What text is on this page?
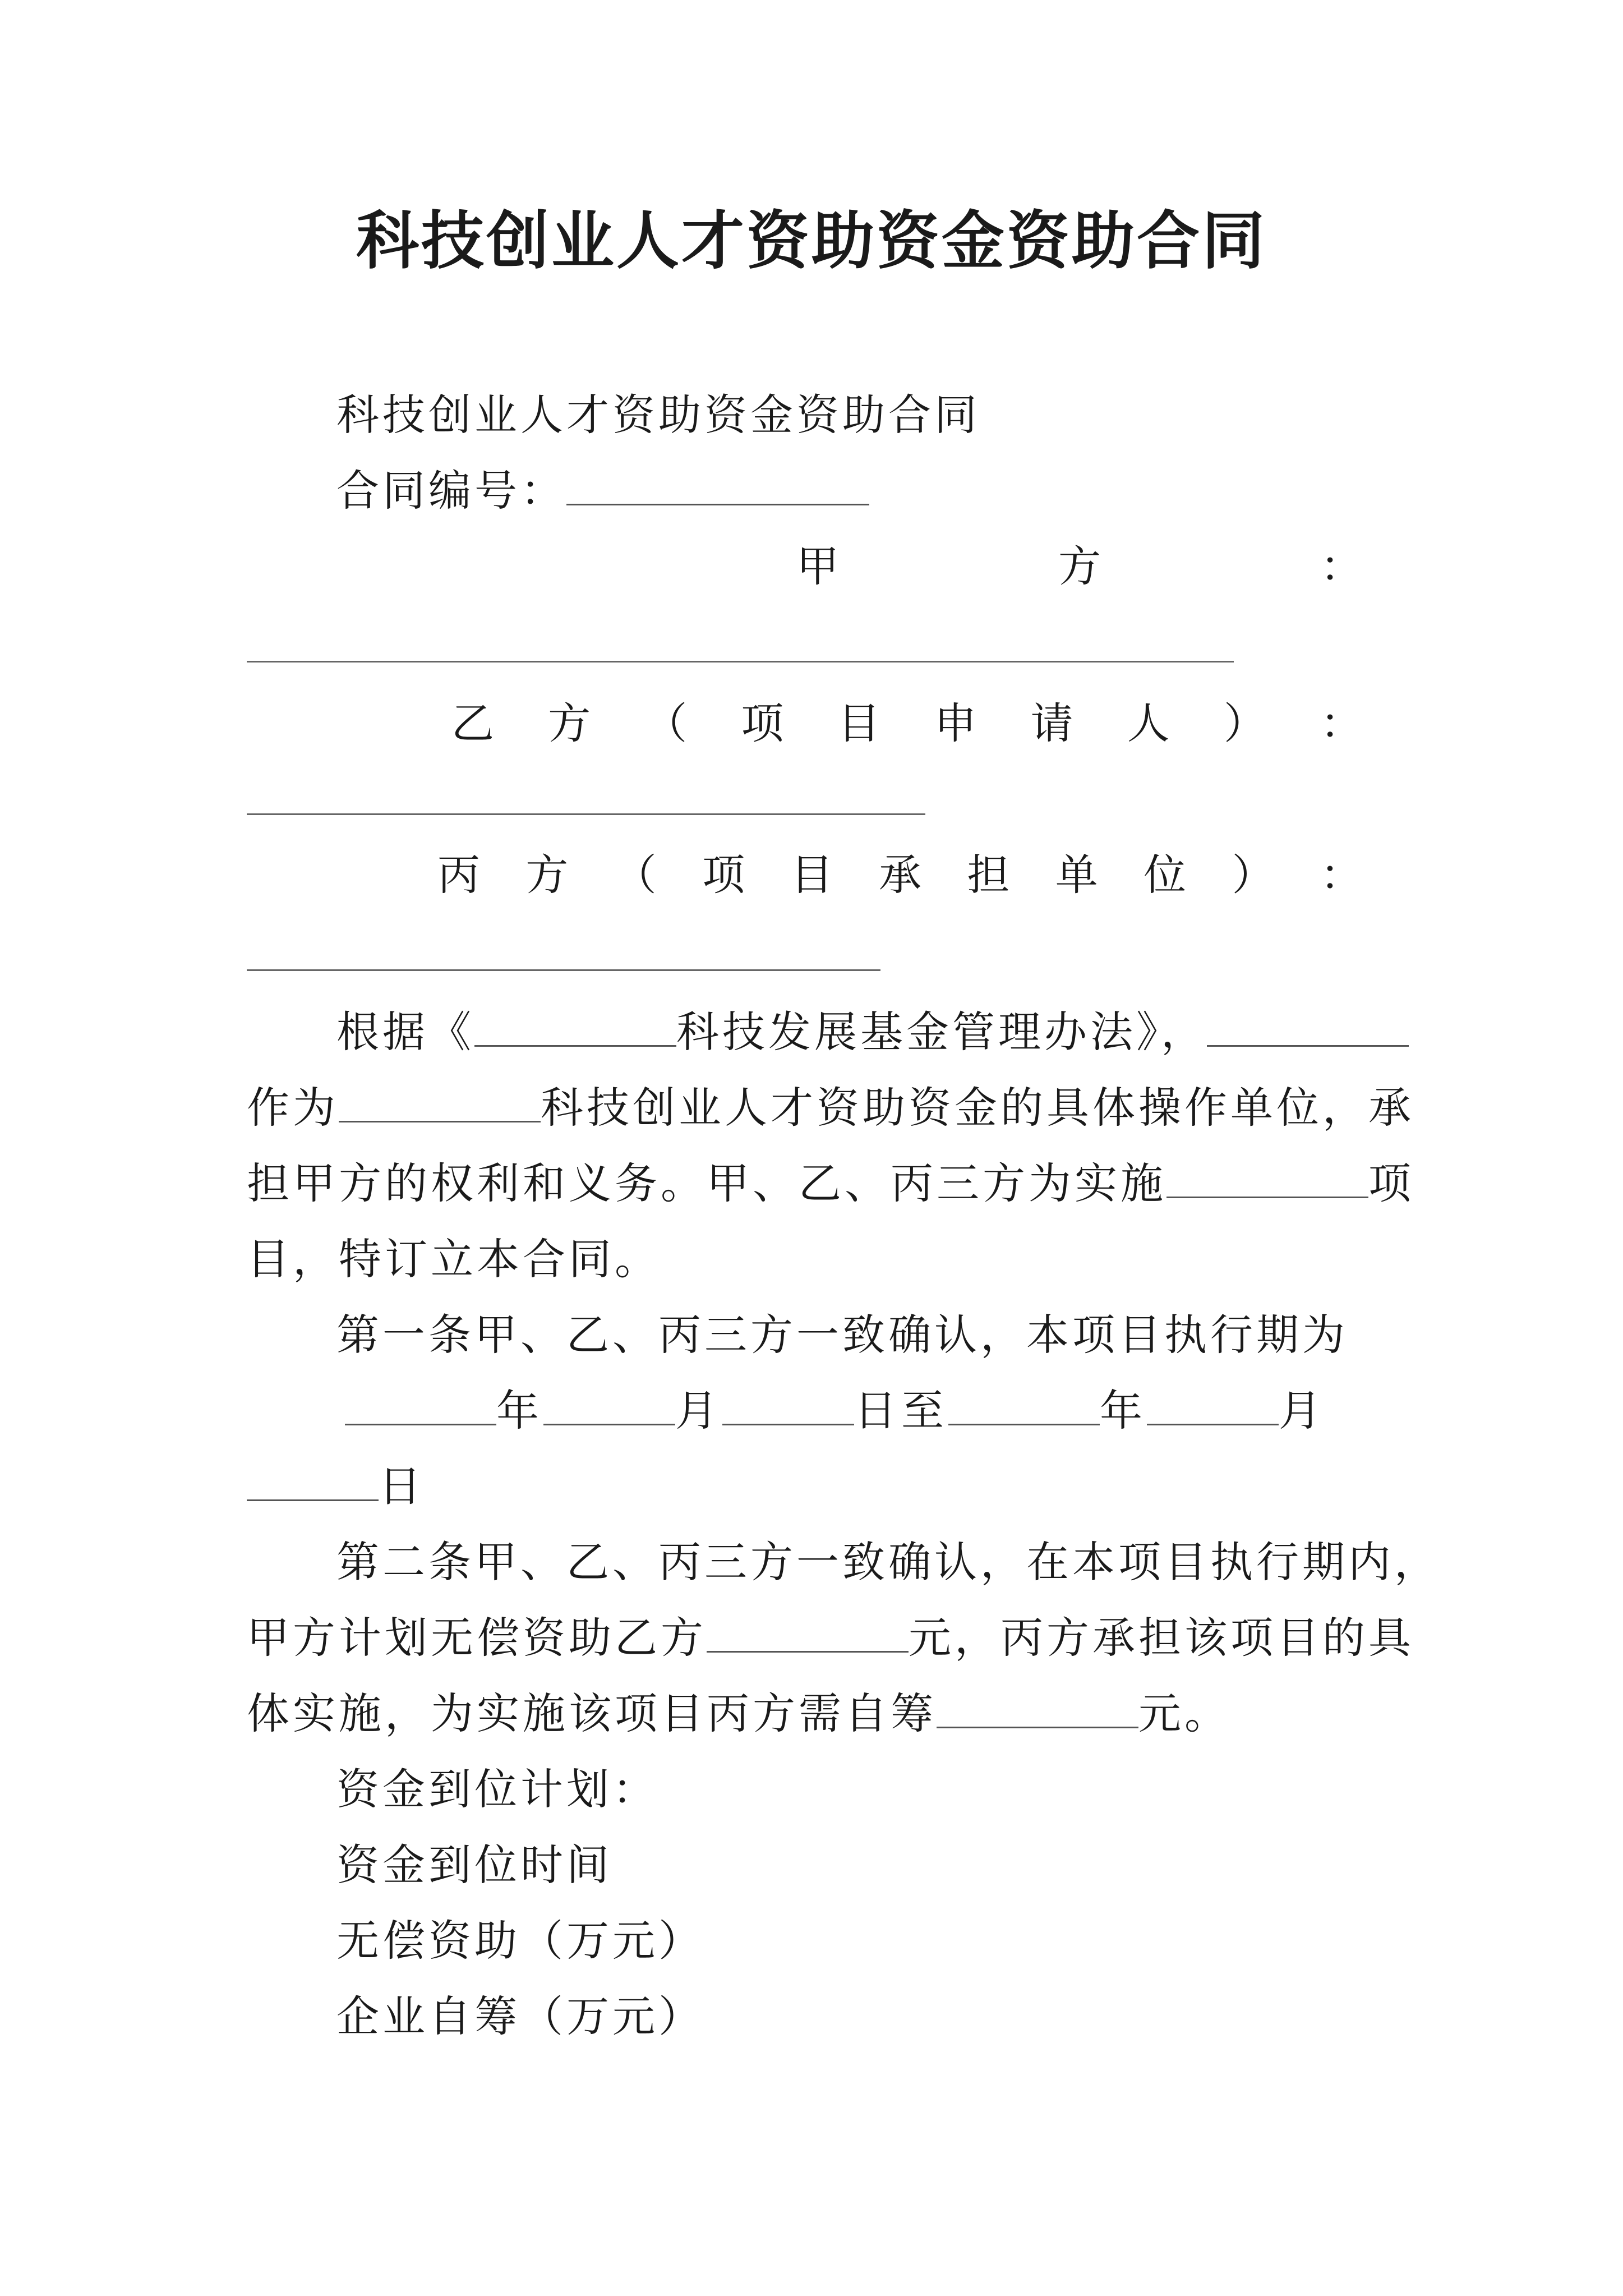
科技创业人才资助资金资助合同
科技创业人才资助资金资助合同
合同编号：
甲	方	：
乙 方 （ 项 目 申 请 人 ） ：
丙 方 （ 项 目 承 担 单 位 ） ：
根据《	科技发展基金管理办法》，
作为	科技创业人才资助资金的具体操作单位，承
担甲方的权利和义务。甲、乙、丙三方为实施	项
目，特订立本合同。
第一条甲、乙、丙三方一致确认，本项目执行期为
年	月	日至	年	月
日
第二条甲、乙、丙三方一致确认，在本项目执行期内，
甲方计划无偿资助乙方	元，丙方承担该项目的具
体实施，为实施该项目丙方需自筹	元。
资金到位计划：
资金到位时间
无偿资助（万元）
企业自筹（万元）
